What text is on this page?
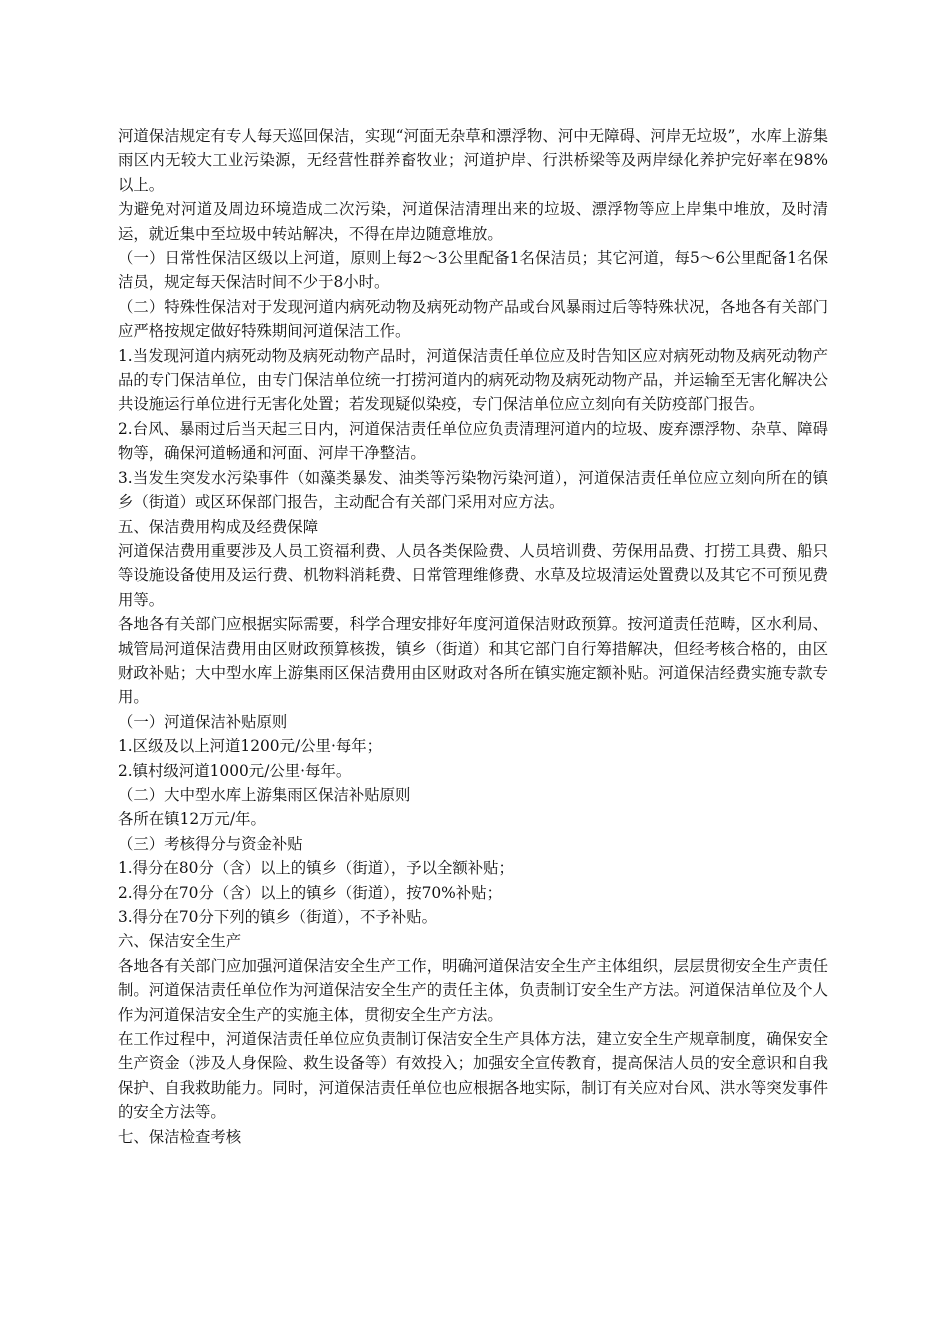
河道保洁规定有专人每天巡回保洁，实现“河面无杂草和漂浮物、河中无障碍、河岸无垃圾”，水库上游集雨区内无较大工业污染源，无经营性群养畜牧业；河道护岸、行洪桥梁等及两岸绿化养护完好率在98%以上。

为避免对河道及周边环境造成二次污染，河道保洁清理出来的垃圾、漂浮物等应上岸集中堆放，及时清运，就近集中至垃圾中转站解决，不得在岸边随意堆放。

（一）日常性保洁区级以上河道，原则上每2～3公里配备1名保洁员；其它河道，每5～6公里配备1名保洁员，规定每天保洁时间不少于8小时。

（二）特殊性保洁对于发现河道内病死动物及病死动物产品或台风暴雨过后等特殊状况，各地各有关部门应严格按规定做好特殊期间河道保洁工作。

1.当发现河道内病死动物及病死动物产品时，河道保洁责任单位应及时告知区应对病死动物及病死动物产品的专门保洁单位，由专门保洁单位统一打捞河道内的病死动物及病死动物产品，并运输至无害化解决公共设施运行单位进行无害化处置；若发现疑似染疫，专门保洁单位应立刻向有关防疫部门报告。

2.台风、暴雨过后当天起三日内，河道保洁责任单位应负责清理河道内的垃圾、废弃漂浮物、杂草、障碍物等，确保河道畅通和河面、河岸干净整洁。

3.当发生突发水污染事件（如藻类暴发、油类等污染物污染河道），河道保洁责任单位应立刻向所在的镇乡（街道）或区环保部门报告，主动配合有关部门采用对应方法。

五、保洁费用构成及经费保障

河道保洁费用重要涉及人员工资福利费、人员各类保险费、人员培训费、劳保用品费、打捞工具费、船只等设施设备使用及运行费、机物料消耗费、日常管理维修费、水草及垃圾清运处置费以及其它不可预见费用等。

各地各有关部门应根据实际需要，科学合理安排好年度河道保洁财政预算。按河道责任范畴，区水利局、城管局河道保洁费用由区财政预算核拨，镇乡（街道）和其它部门自行筹措解决，但经考核合格的，由区财政补贴；大中型水库上游集雨区保洁费用由区财政对各所在镇实施定额补贴。河道保洁经费实施专款专用。

（一）河道保洁补贴原则

1.区级及以上河道1200元/公里·每年；

2.镇村级河道1000元/公里·每年。

（二）大中型水库上游集雨区保洁补贴原则

各所在镇12万元/年。

（三）考核得分与资金补贴

1.得分在80分（含）以上的镇乡（街道），予以全额补贴；

2.得分在70分（含）以上的镇乡（街道），按70%补贴；

3.得分在70分下列的镇乡（街道），不予补贴。

六、保洁安全生产

各地各有关部门应加强河道保洁安全生产工作，明确河道保洁安全生产主体组织，层层贯彻安全生产责任制。河道保洁责任单位作为河道保洁安全生产的责任主体，负责制订安全生产方法。河道保洁单位及个人作为河道保洁安全生产的实施主体，贯彻安全生产方法。

在工作过程中，河道保洁责任单位应负责制订保洁安全生产具体方法，建立安全生产规章制度，确保安全生产资金（涉及人身保险、救生设备等）有效投入；加强安全宣传教育，提高保洁人员的安全意识和自我保护、自我救助能力。同时，河道保洁责任单位也应根据各地实际，制订有关应对台风、洪水等突发事件的安全方法等。

七、保洁检查考核
